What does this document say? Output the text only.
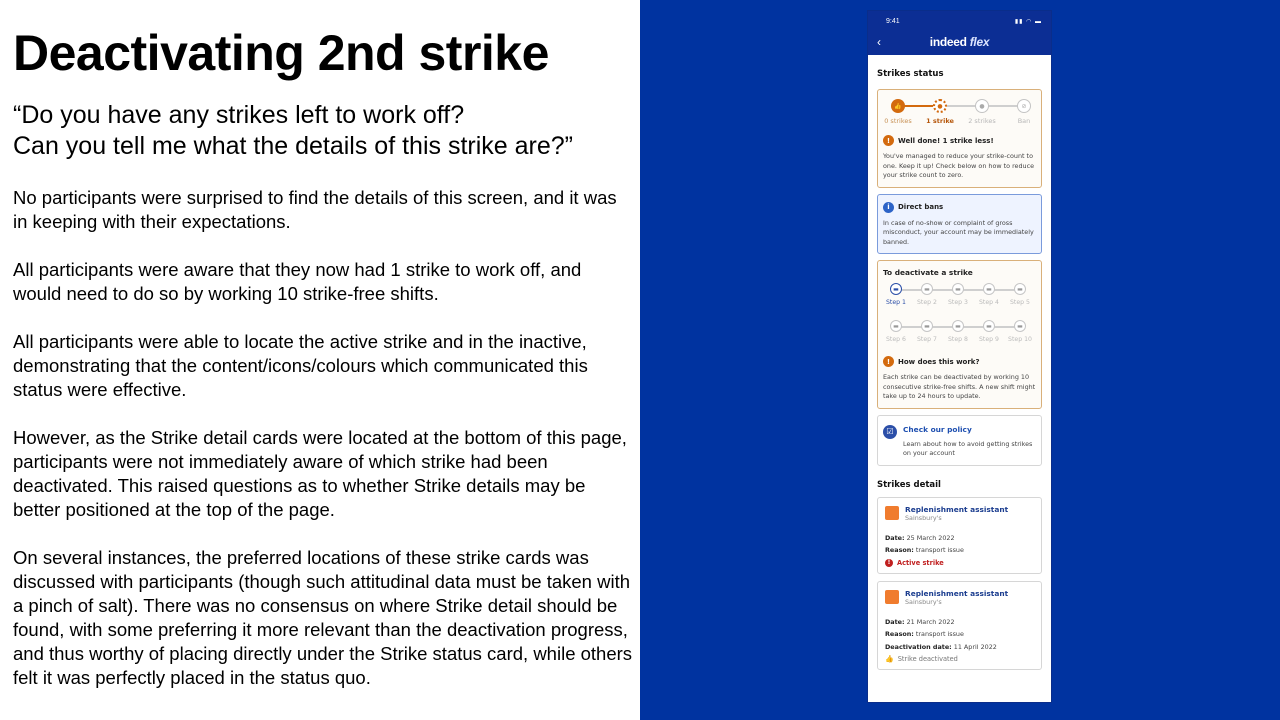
Deactivating 2nd strike
“Do you have any strikes left to work off?
Can you tell me what the details of this strike are?”

No participants were surprised to find the details of this screen, and it was in keeping with their expectations.

All participants were aware that they now had 1 strike to work off, and would need to do so by working 10 strike-free shifts.

All participants were able to locate the active strike and in the inactive, demonstrating that the content/icons/colours which communicated this status were effective.

However, as the Strike detail cards were located at the bottom of this page, participants were not immediately aware of which strike had been deactivated. This raised questions as to whether Strike details may be better positioned at the top of the page.

On several instances, the preferred locations of these strike cards was discussed with participants (though such attitudinal data must be taken with a pinch of salt). There was no consensus on where Strike detail should be found, with some preferring it more relevant than the deactivation progress, and thus worthy of placing directly under the Strike status card, while others felt it was perfectly placed in the status quo.

9:41	▮▮ ◠ ▬
‹	indeed flex
Strikes status
👍	●	●	⊘
0 strikes 1 strike 2 strikes	Ban
!	Well done! 1 strike less!
You've managed to reduce your strike-count to one. Keep it up! Check below on how to reduce your strike count to zero.
i	Direct bans
In case of no-show or complaint of gross misconduct, your account may be immediately banned.
To deactivate a strike
▬
Step 1
▬
Step 2
▬
Step 3
▬
Step 4
▬
Step 5
▬
Step 6
▬
Step 7
▬
Step 8
▬
Step 9
▬
Step 10
!	How does this work?
Each strike can be deactivated by working 10 consecutive strike-free shifts. A new shift might take up to 24 hours to update.
☑	Check our policy
Learn about how to avoid getting strikes on your account
Strikes detail
Replenishment assistant
Sainsbury's
Date: 25 March 2022
Reason: transport issue
!	Active strike
Replenishment assistant
Sainsbury's
Date: 21 March 2022
Reason: transport issue
Deactivation date: 11 April 2022
👍 Strike deactivated
